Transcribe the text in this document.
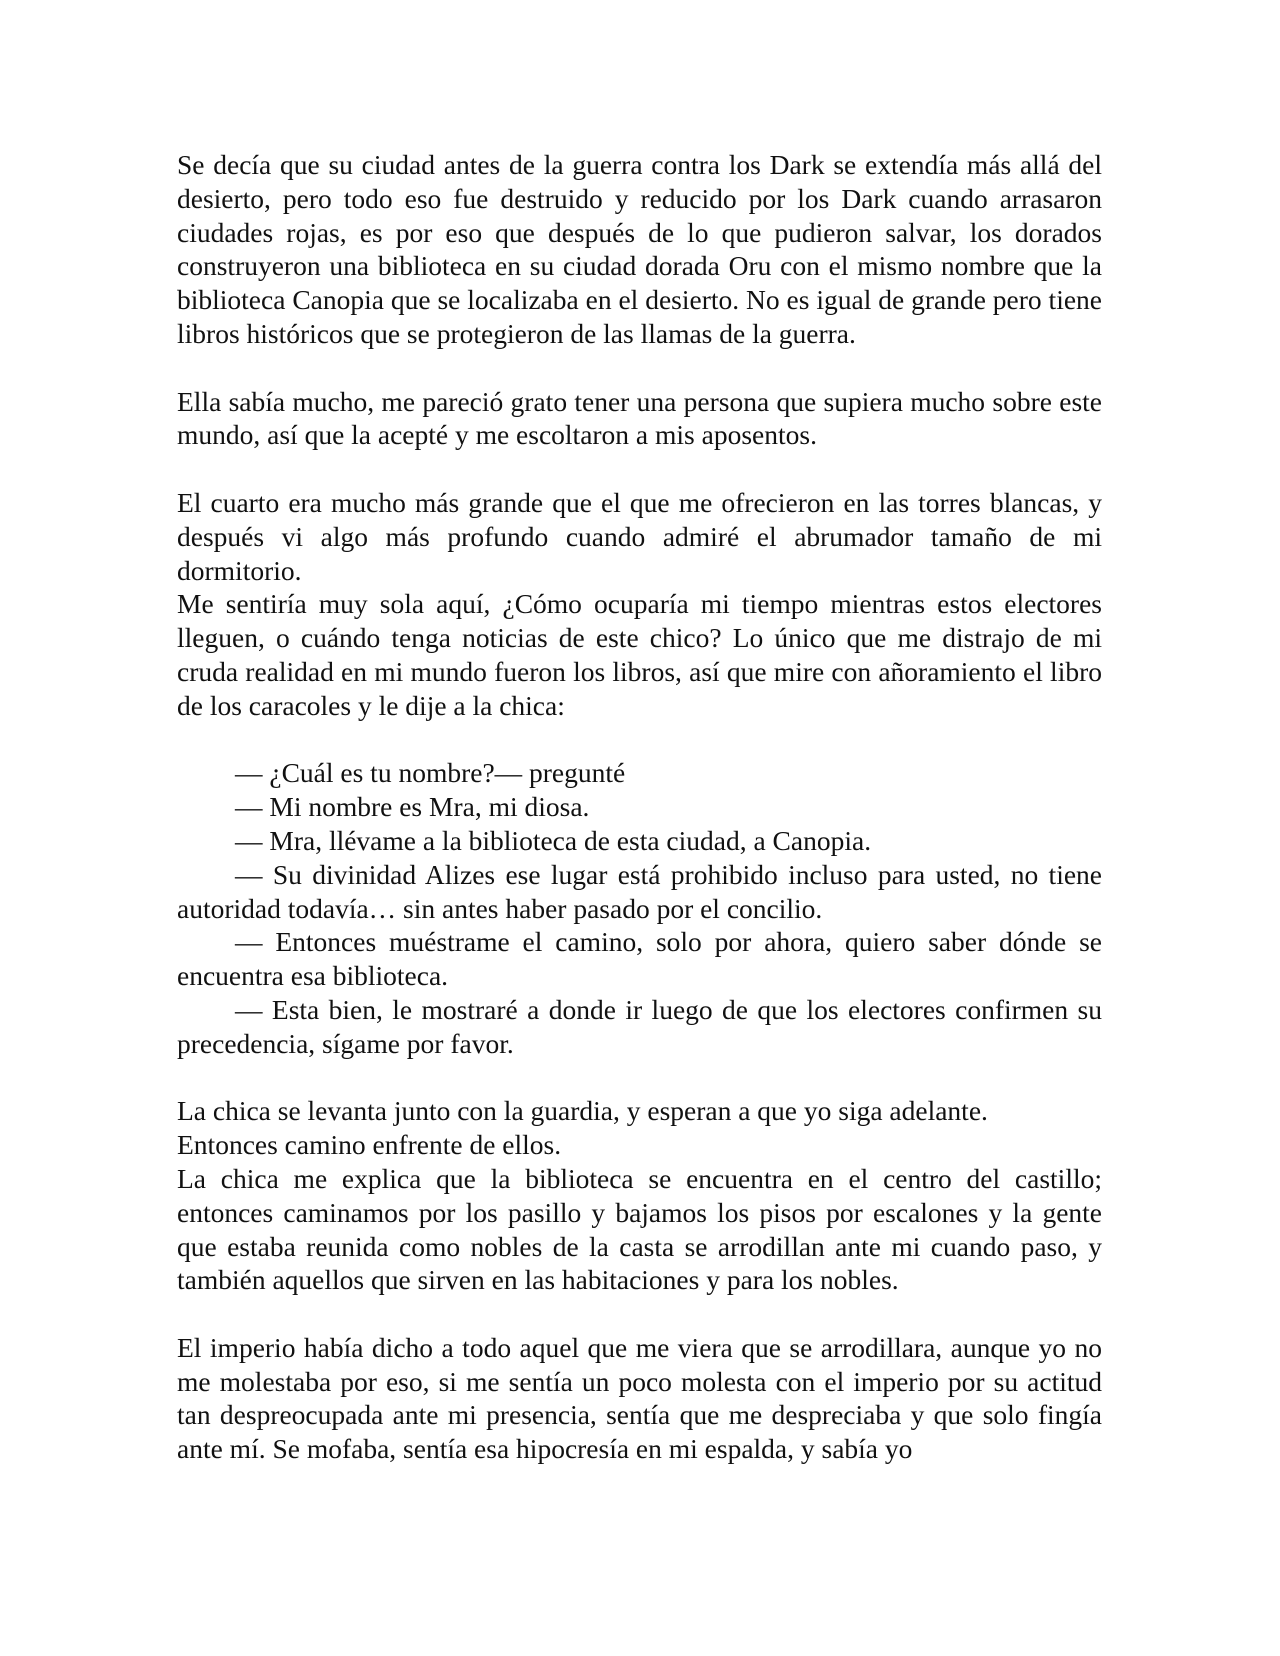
Se decía que su ciudad antes de la guerra contra los Dark se extendía más allá del desierto, pero todo eso fue destruido y reducido por los Dark cuando arrasaron ciudades rojas, es por eso que después de lo que pudieron salvar, los dorados construyeron una biblioteca en su ciudad dorada Oru con el mismo nombre que la biblioteca Canopia que se localizaba en el desierto. No es igual de grande pero tiene libros históricos que se protegieron de las llamas de la guerra.

Ella sabía mucho, me pareció grato tener una persona que supiera mucho sobre este mundo, así que la acepté y me escoltaron a mis aposentos.

El cuarto era mucho más grande que el que me ofrecieron en las torres blancas, y después vi algo más profundo cuando admiré el abrumador tamaño de mi dormitorio.

Me sentiría muy sola aquí, ¿Cómo ocuparía mi tiempo mientras estos electores lleguen, o cuándo tenga noticias de este chico? Lo único que me distrajo de mi cruda realidad en mi mundo fueron los libros, así que mire con añoramiento el libro de los caracoles y le dije a la chica:

— ¿Cuál es tu nombre?— pregunté

— Mi nombre es Mra, mi diosa.

— Mra, llévame a la biblioteca de esta ciudad, a Canopia.

— Su divinidad Alizes ese lugar está prohibido incluso para usted, no tiene autoridad todavía… sin antes haber pasado por el concilio.

— Entonces muéstrame el camino, solo por ahora, quiero saber dónde se encuentra esa biblioteca.

— Esta bien, le mostraré a donde ir luego de que los electores confirmen su precedencia, sígame por favor.

La chica se levanta junto con la guardia, y esperan a que yo siga adelante.

Entonces camino enfrente de ellos.

La chica me explica que la biblioteca se encuentra en el centro del castillo; entonces caminamos por los pasillo y bajamos los pisos por escalones y la gente que estaba reunida como nobles de la casta se arrodillan ante mi cuando paso, y también aquellos que sirven en las habitaciones y para los nobles.

El imperio había dicho a todo aquel que me viera que se arrodillara, aunque yo no me molestaba por eso, si me sentía un poco molesta con el imperio por su actitud tan despreocupada ante mi presencia, sentía que me despreciaba y que solo fingía ante mí. Se mofaba, sentía esa hipocresía en mi espalda, y sabía yo
